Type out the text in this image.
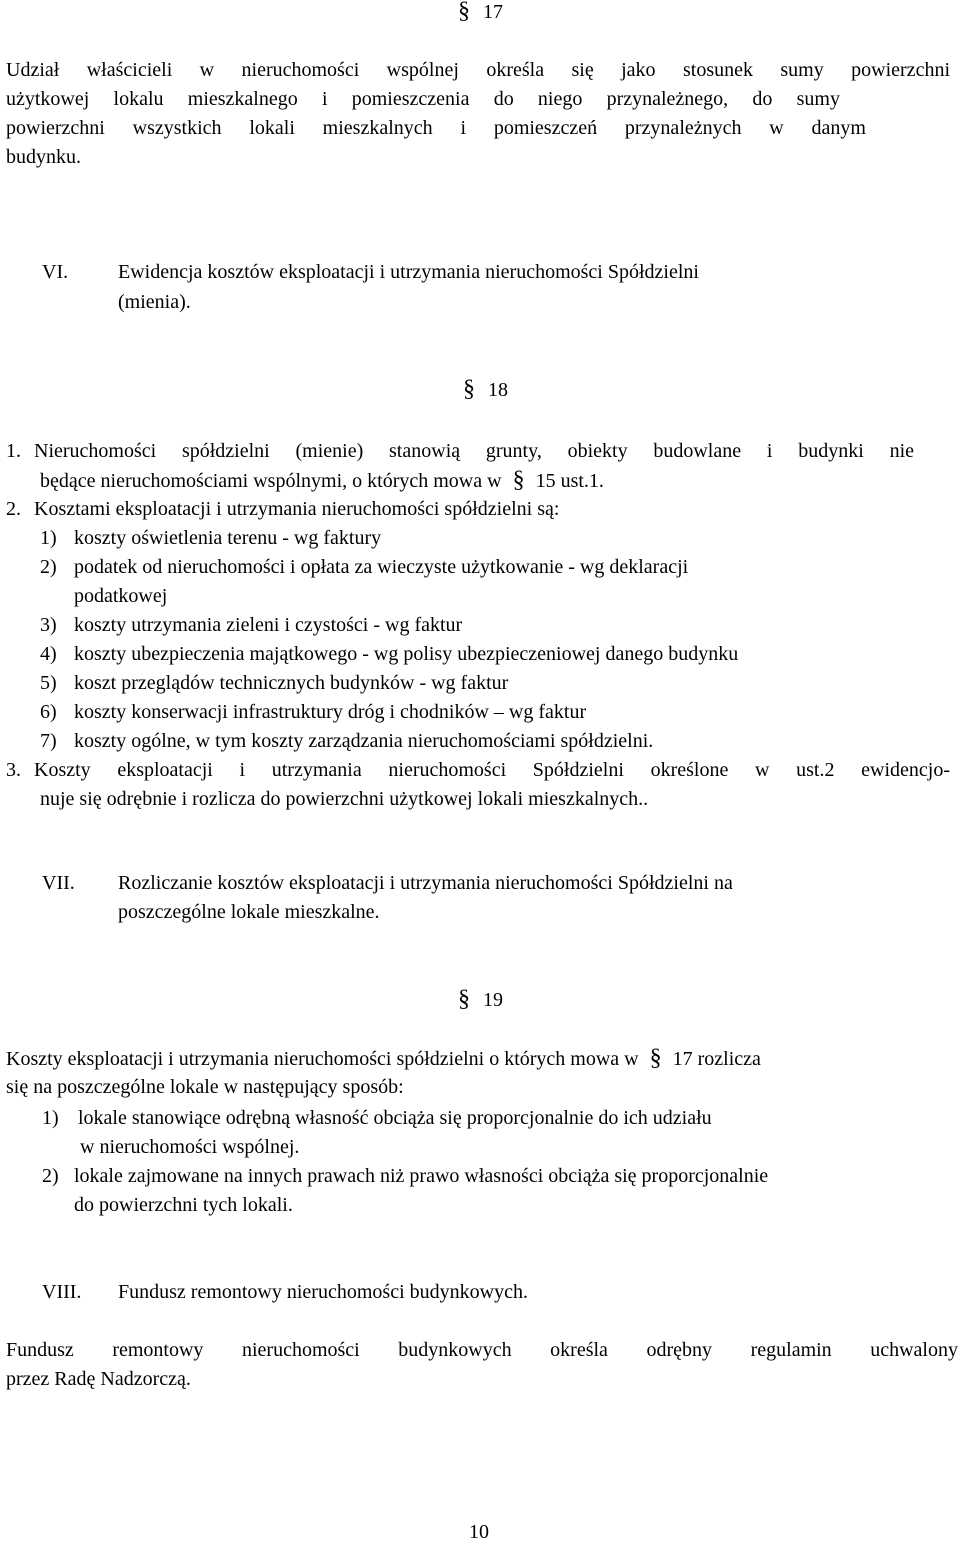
§ 17
Udział właścicieli w nieruchomości wspólnej określa się jako stosunek sumy powierzchni
użytkowej lokalu mieszkalnego i pomieszczenia do niego przynależnego, do sumy
powierzchni wszystkich lokali mieszkalnych i pomieszczeń przynależnych w danym
budynku.
VI. Ewidencja kosztów eksploatacji i utrzymania nieruchomości Spółdzielni
(mienia).
§ 18
1. Nieruchomości spółdzielni (mienie) stanowią grunty, obiekty budowlane i budynki nie
będące nieruchomościami wspólnymi, o których mowa w § 15 ust.1.
2. Kosztami eksploatacji i utrzymania nieruchomości spółdzielni są:
1) koszty oświetlenia terenu - wg faktury
2) podatek od nieruchomości i opłata za wieczyste użytkowanie - wg deklaracji
podatkowej
3) koszty utrzymania zieleni i czystości - wg faktur
4) koszty ubezpieczenia majątkowego - wg polisy ubezpieczeniowej danego budynku
5) koszt przeglądów technicznych budynków - wg faktur
6) koszty konserwacji infrastruktury dróg i chodników – wg faktur
7) koszty ogólne, w tym koszty zarządzania nieruchomościami spółdzielni.
3. Koszty eksploatacji i utrzymania nieruchomości Spółdzielni określone w ust.2 ewidencjo-
nuje się odrębnie i rozlicza do powierzchni użytkowej lokali mieszkalnych..
VII. Rozliczanie kosztów eksploatacji i utrzymania nieruchomości Spółdzielni na
poszczególne lokale mieszkalne.
§ 19
Koszty eksploatacji i utrzymania nieruchomości spółdzielni o których mowa w § 17 rozlicza
się na poszczególne lokale w następujący sposób:
1) lokale stanowiące odrębną własność obciąża się proporcjonalnie do ich udziału
w nieruchomości wspólnej.
2) lokale zajmowane na innych prawach niż prawo własności obciąża się proporcjonalnie
do powierzchni tych lokali.
VIII. Fundusz remontowy nieruchomości budynkowych.
Fundusz remontowy nieruchomości budynkowych określa odrębny regulamin uchwalony
przez Radę Nadzorczą.
10
